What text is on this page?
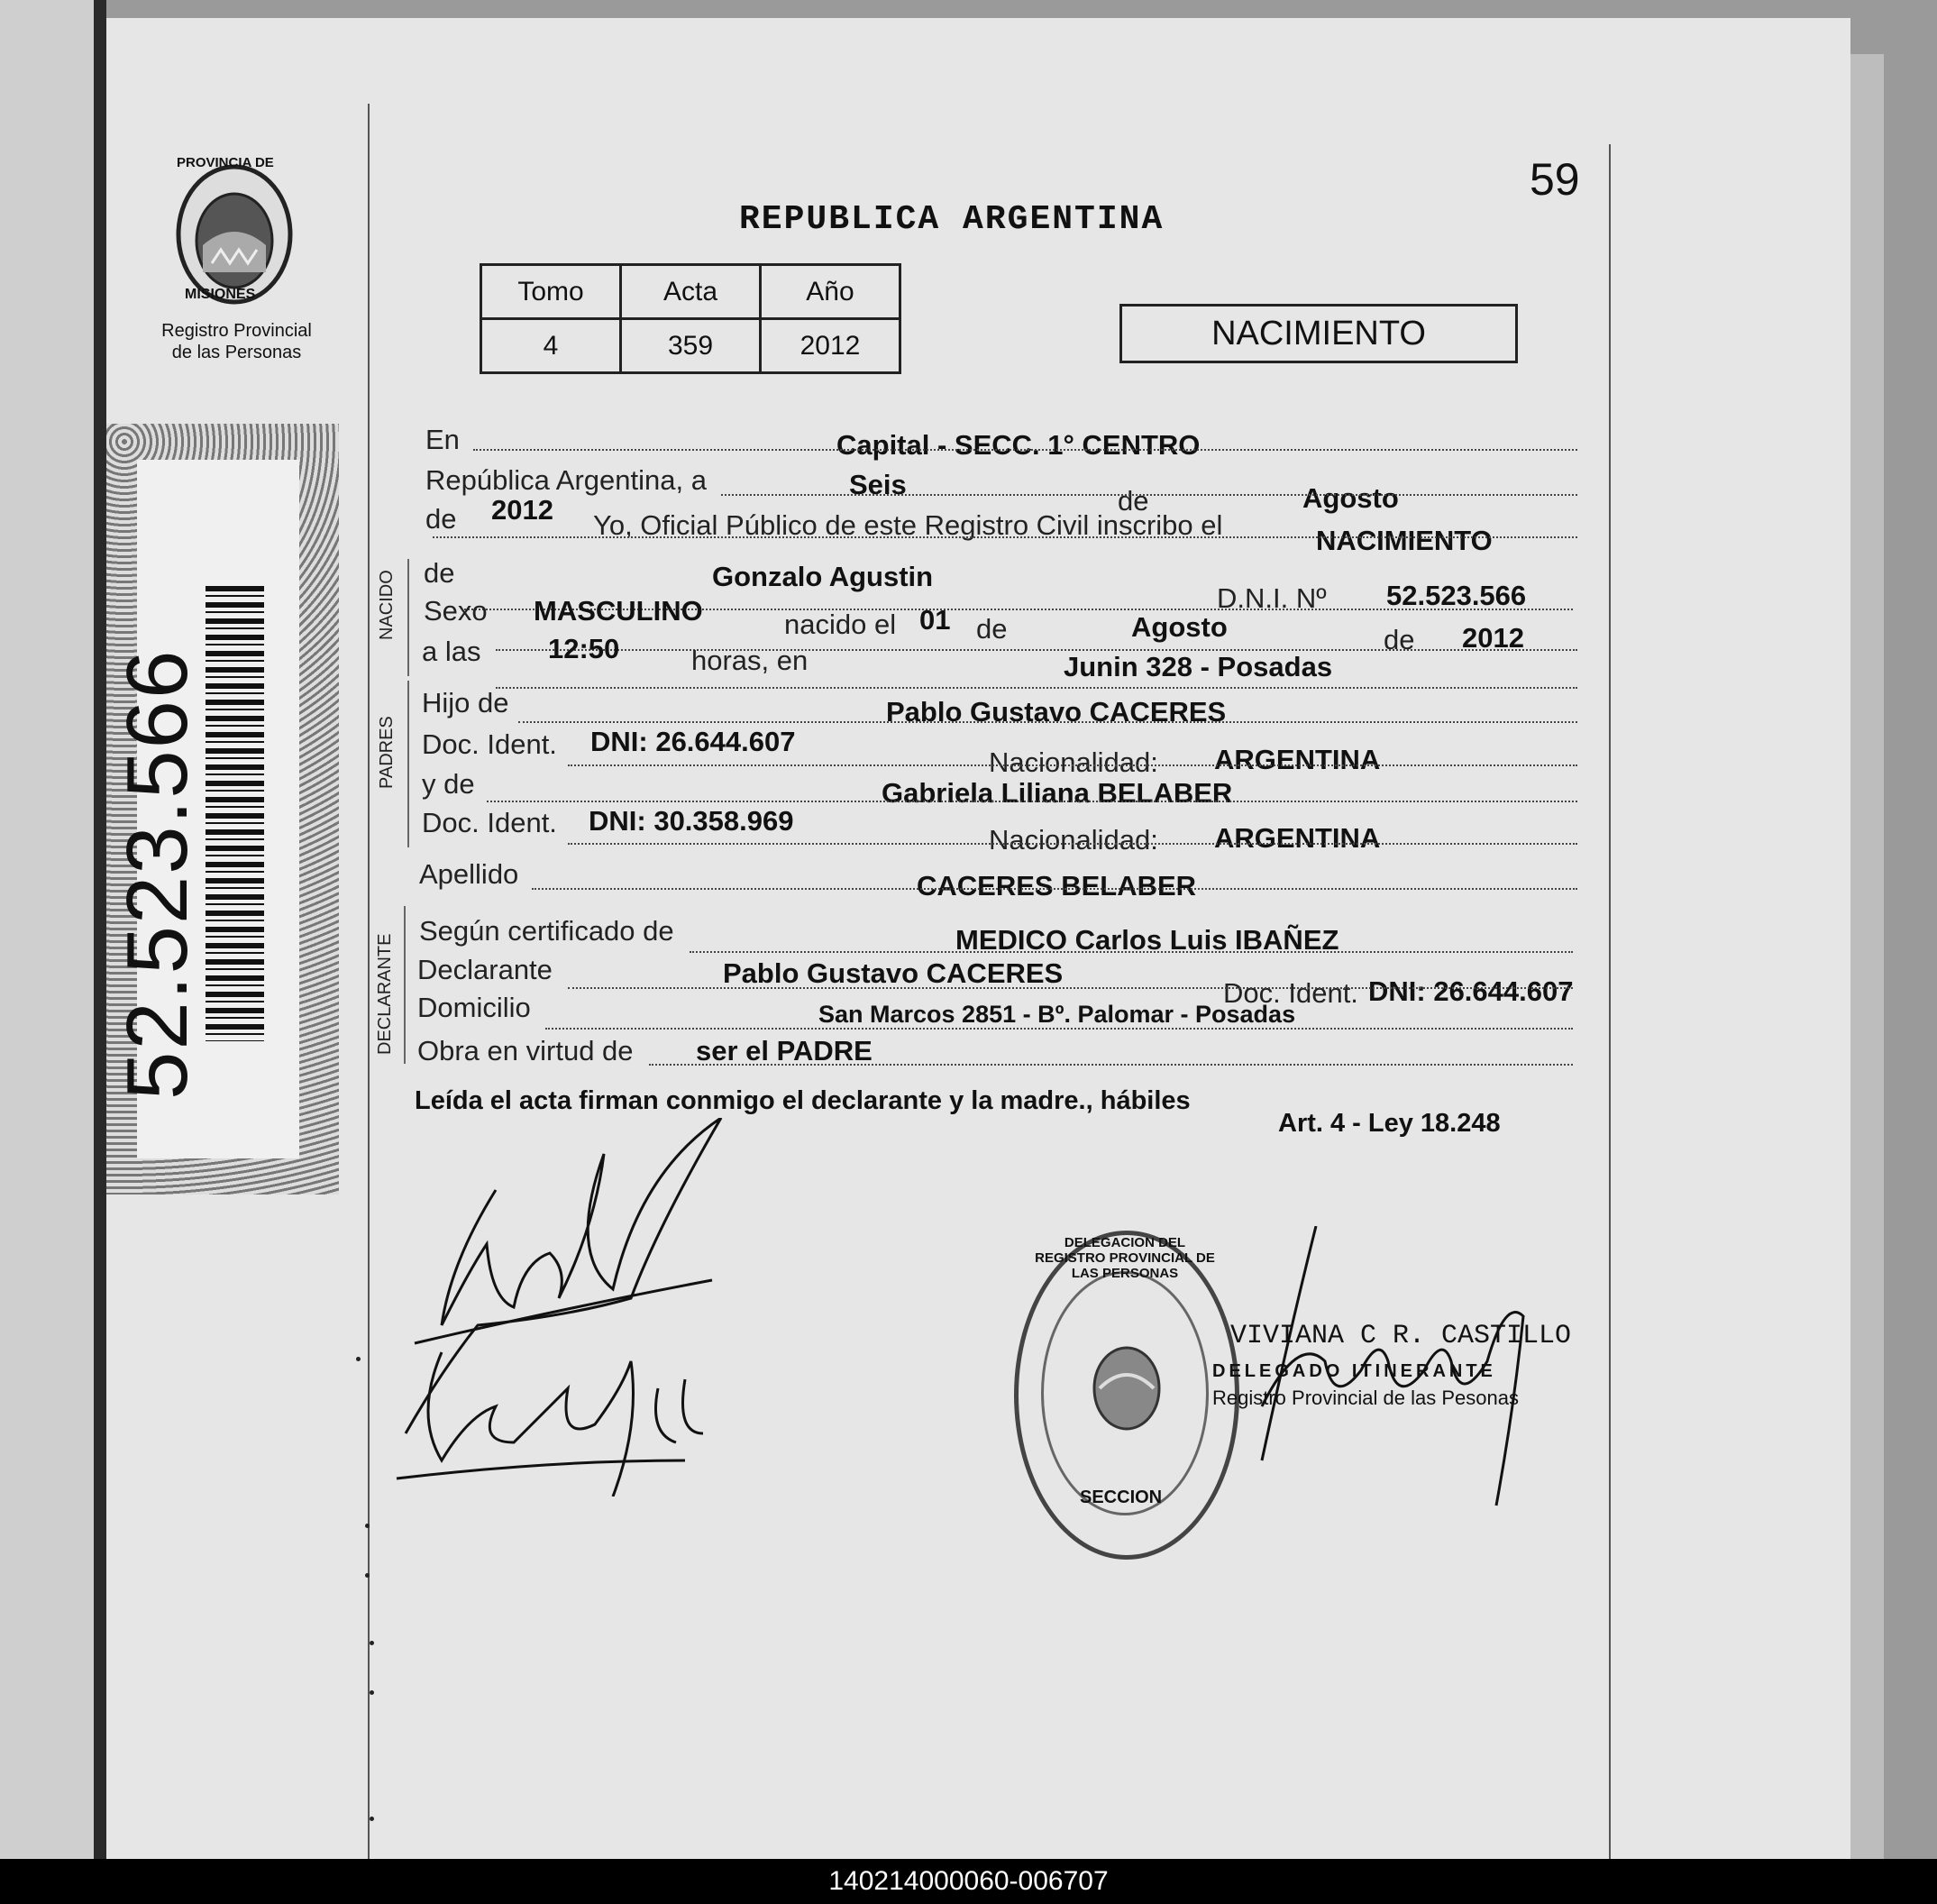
PROVINCIA DE
MISIONES
Registro Provincial
de las Personas
52.523.566
59
REPUBLICA ARGENTINA
Tomo	Acta	Año
4	359	2012	NACIMIENTO
NACIDO
PADRES
DECLARANTE
En	Capital - SECC. 1° CENTRO
República Argentina, a	Seis
de	Agosto
de 2012 Yo, Oficial Público de este Registro Civil inscribo el	NACIMIENTO
de	Gonzalo Agustin
D.N.I. Nº 52.523.566
Sexo MASCULINO	nacido el 01 de	Agosto	de 2012
a las 12:50	horas, en	Junin 328 - Posadas
Hijo de	Pablo Gustavo CACERES
Doc. Ident. DNI: 26.644.607
Nacionalidad: ARGENTINA
y de	Gabriela Liliana BELABER
Doc. Ident. DNI: 30.358.969
Nacionalidad: ARGENTINA
Apellido	CACERES BELABER
Según certificado de	MEDICO Carlos Luis IBAÑEZ
Declarante	Pablo Gustavo CACERES
Doc. Ident. DNI: 26.644.607
Domicilio	San Marcos 2851 - Bº. Palomar - Posadas
Obra en virtud de ser el PADRE
Leída el acta firman conmigo el declarante y la madre., hábiles
Art. 4 - Ley 18.248
DELEGACION DEL REGISTRO PROVINCIAL DE LAS PERSONAS
SECCION
VIVIANA C R. CASTILLO
DELEGADO ITINERANTE
Registro Provincial de las Pesonas
140214000060-006707
